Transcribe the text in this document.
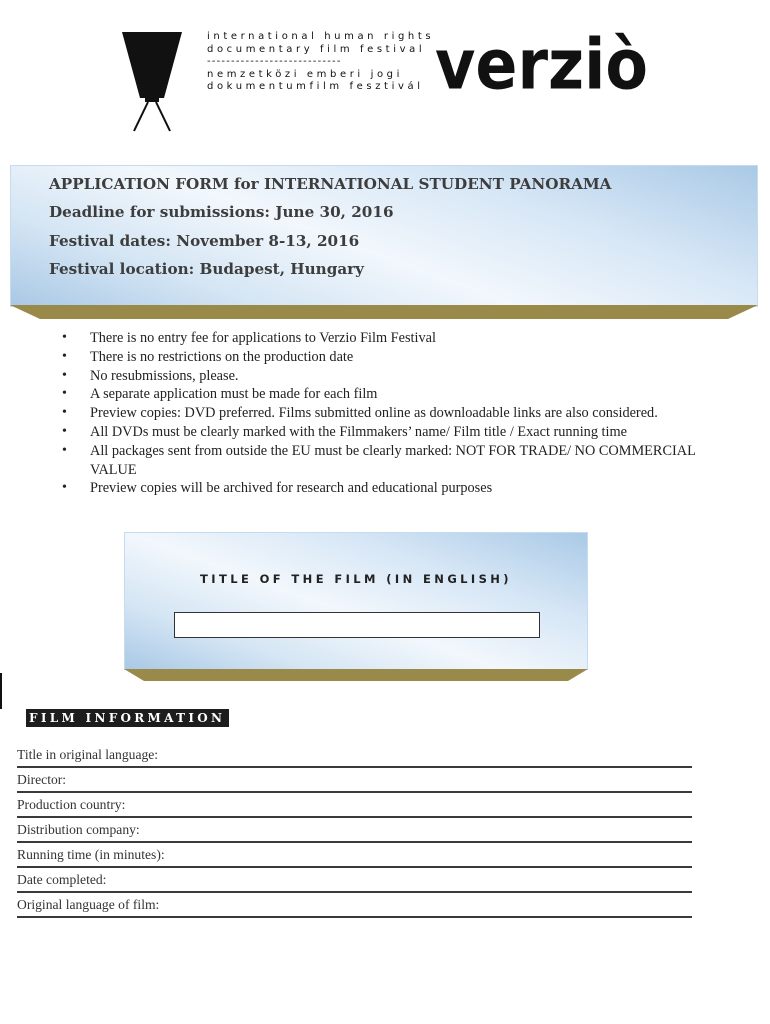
international human rights
documentary film festival
----------------------------
nemzetközi emberi jogi
dokumentumfilm fesztivál verziò
APPLICATION FORM for INTERNATIONAL STUDENT PANORAMA
Deadline for submissions: June 30, 2016
Festival dates: November 8-13, 2016
Festival location: Budapest, Hungary
• There is no entry fee for applications to Verzio Film Festival
• There is no restrictions on the production date
• No resubmissions, please.
• A separate application must be made for each film
• Preview copies: DVD preferred. Films submitted online as downloadable links are also considered.
• All DVDs must be clearly marked with the Filmmakers’ name/ Film title / Exact running time
• All packages sent from outside the EU must be clearly marked: NOT FOR TRADE/ NO COMMERCIAL VALUE
• Preview copies will be archived for research and educational purposes
TITLE OF THE FILM (IN ENGLISH)
FILM INFORMATION
Title in original language:
Director:
Production country:
Distribution company:
Running time (in minutes):
Date completed:
Original language of film:
